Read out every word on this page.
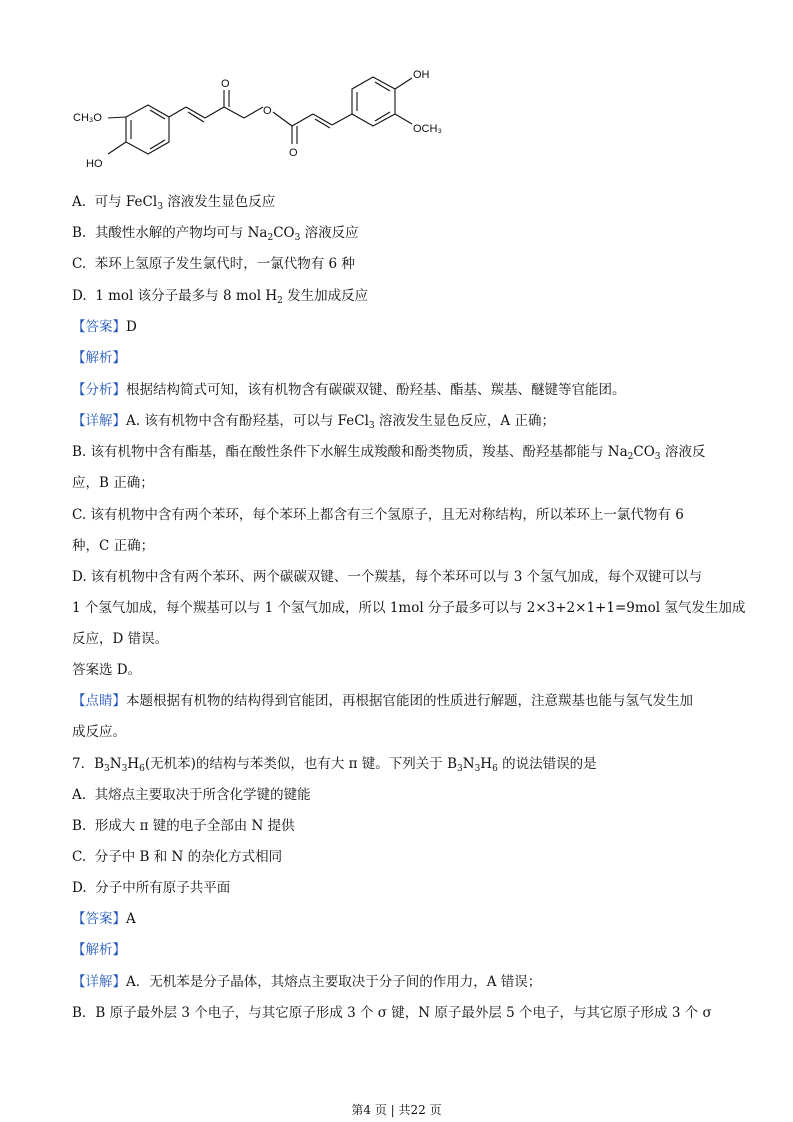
CH₃O
HO
O
O
O
OH
OCH₃
A. 可与 FeCl$_3$ 溶液发生显色反应
B. 其酸性水解的产物均可与 $Na_2CO_3$ 溶液反应
C. 苯环上氢原子发生氯代时，一氯代物有 6 种
D. 1 mol 该分子最多与 8 mol $H_2$ 发生加成反应
【答案】D
【解析】
【分析】根据结构简式可知，该有机物含有碳碳双键、酚羟基、酯基、羰基、醚键等官能团。
【详解】A. 该有机物中含有酚羟基，可以与 FeCl$_3$ 溶液发生显色反应，A 正确；
B. 该有机物中含有酯基，酯在酸性条件下水解生成羧酸和酚类物质，羧基、酚羟基都能与 $Na_2CO_3$ 溶液反
应，B 正确；
C. 该有机物中含有两个苯环，每个苯环上都含有三个氢原子，且无对称结构，所以苯环上一氯代物有 6
种，C 正确；
D. 该有机物中含有两个苯环、两个碳碳双键、一个羰基，每个苯环可以与 3 个氢气加成，每个双键可以与
1 个氢气加成，每个羰基可以与 1 个氢气加成，所以 1mol 分子最多可以与 2×3+2×1+1=9mol 氢气发生加成
反应，D 错误。
答案选 D。
【点睛】本题根据有机物的结构得到官能团，再根据官能团的性质进行解题，注意羰基也能与氢气发生加
成反应。
7．$B_3N_3H_6$(无机苯)的结构与苯类似，也有大 π 键。下列关于 $B_3N_3H_6$ 的说法错误的是
A. 其熔点主要取决于所含化学键的键能
B. 形成大 π 键的电子全部由 N 提供
C. 分子中 B 和 N 的杂化方式相同
D. 分子中所有原子共平面
【答案】A
【解析】
【详解】A．无机苯是分子晶体，其熔点主要取决于分子间的作用力，A 错误；
B．B 原子最外层 3 个电子，与其它原子形成 3 个 σ 键，N 原子最外层 5 个电子，与其它原子形成 3 个 σ
第4 页 | 共22 页
